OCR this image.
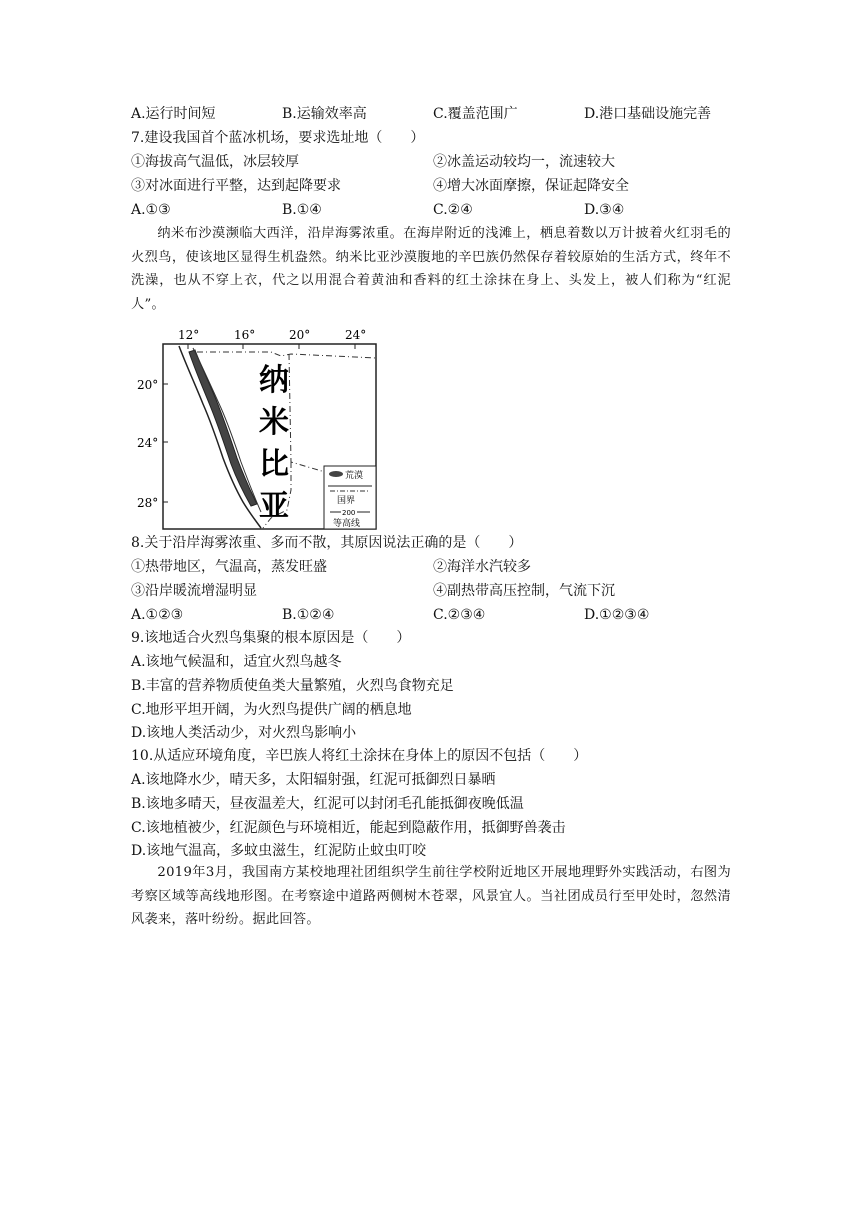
A.运行时间短	B.运输效率高	C.覆盖范围广	D.港口基础设施完善
7.建设我国首个蓝冰机场，要求选址地（　　）
①海拔高气温低，冰层较厚	②冰盖运动较均一，流速较大
③对冰面进行平整，达到起降要求	④增大冰面摩擦，保证起降安全
A.①③	B.①④	C.②④	D.③④
纳米布沙漠濒临大西洋，沿岸海雾浓重。在海岸附近的浅滩上，栖息着数以万计披着火红羽毛的火烈鸟，使该地区显得生机盎然。纳米比亚沙漠腹地的辛巴族仍然保存着较原始的生活方式，终年不洗澡，也从不穿上衣，代之以用混合着黄油和香料的红土涂抹在身上、头发上，被人们称为“红泥人”。
12°	16°	20°	24°
20°
24°
28°
纳
米
比
亚
荒漠
国界
200
等高线
8.关于沿岸海雾浓重、多而不散，其原因说法正确的是（　　）
①热带地区，气温高，蒸发旺盛	②海洋水汽较多
③沿岸暖流增湿明显	④副热带高压控制，气流下沉
A.①②③	B.①②④	C.②③④	D.①②③④
9.该地适合火烈鸟集聚的根本原因是（　　）
A.该地气候温和，适宜火烈鸟越冬
B.丰富的营养物质使鱼类大量繁殖，火烈鸟食物充足
C.地形平坦开阔，为火烈鸟提供广阔的栖息地
D.该地人类活动少，对火烈鸟影响小
10.从适应环境角度，辛巴族人将红土涂抹在身体上的原因不包括（　　）
A.该地降水少，晴天多，太阳辐射强，红泥可抵御烈日暴晒
B.该地多晴天，昼夜温差大，红泥可以封闭毛孔能抵御夜晚低温
C.该地植被少，红泥颜色与环境相近，能起到隐蔽作用，抵御野兽袭击
D.该地气温高，多蚊虫滋生，红泥防止蚊虫叮咬
2019年3月，我国南方某校地理社团组织学生前往学校附近地区开展地理野外实践活动，右图为考察区域等高线地形图。在考察途中道路两侧树木苍翠，风景宜人。当社团成员行至甲处时，忽然清风袭来，落叶纷纷。据此回答。
